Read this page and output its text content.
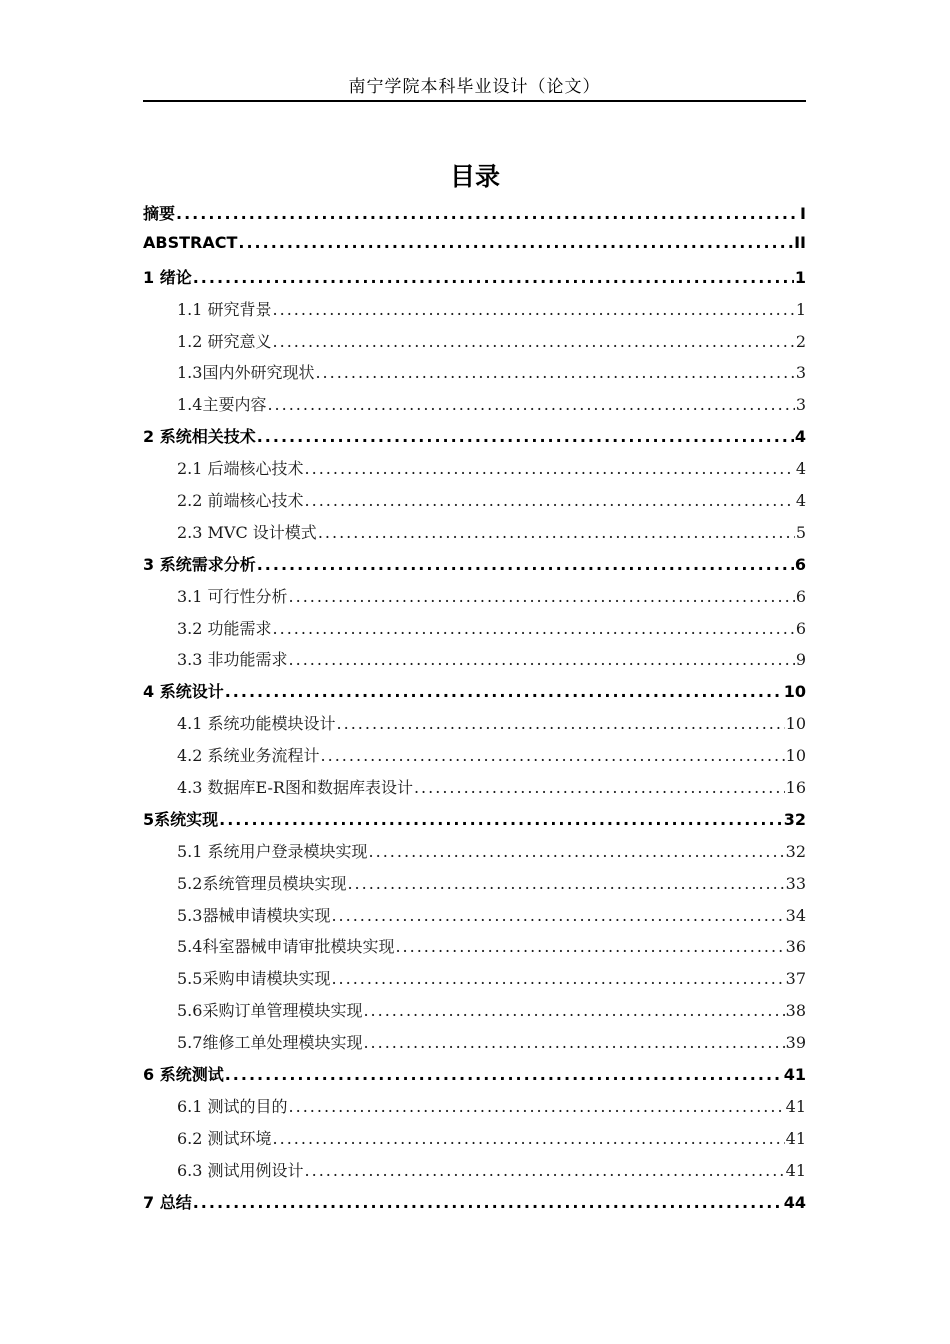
南宁学院本科毕业设计（论文）
目录
摘要 .....	I
ABSTRACT .....	II
1 绪论 .....	1
1.1 研究背景 .....	1
1.2 研究意义 .....	2
1.3国内外研究现状 .....	3
1.4主要内容 .....	3
2 系统相关技术 .....	4
2.1 后端核心技术 .....	4
2.2 前端核心技术 .....	4
2.3 MVC 设计模式 .....	5
3 系统需求分析 .....	6
3.1 可行性分析 .....	6
3.2 功能需求 .....	6
3.3 非功能需求 .....	9
4 系统设计 .....	10
4.1 系统功能模块设计 .....	10
4.2 系统业务流程计 .....	10
4.3 数据库E-R图和数据库表设计 .....	16
5系统实现 .....	32
5.1 系统用户登录模块实现 .....	32
5.2系统管理员模块实现 .....	33
5.3器械申请模块实现 .....	34
5.4科室器械申请审批模块实现 .....	36
5.5采购申请模块实现 .....	37
5.6采购订单管理模块实现 .....	38
5.7维修工单处理模块实现 .....	39
6 系统测试 .....	41
6.1 测试的目的 .....	41
6.2 测试环境 .....	41
6.3 测试用例设计 .....	41
7 总结 .....	44
